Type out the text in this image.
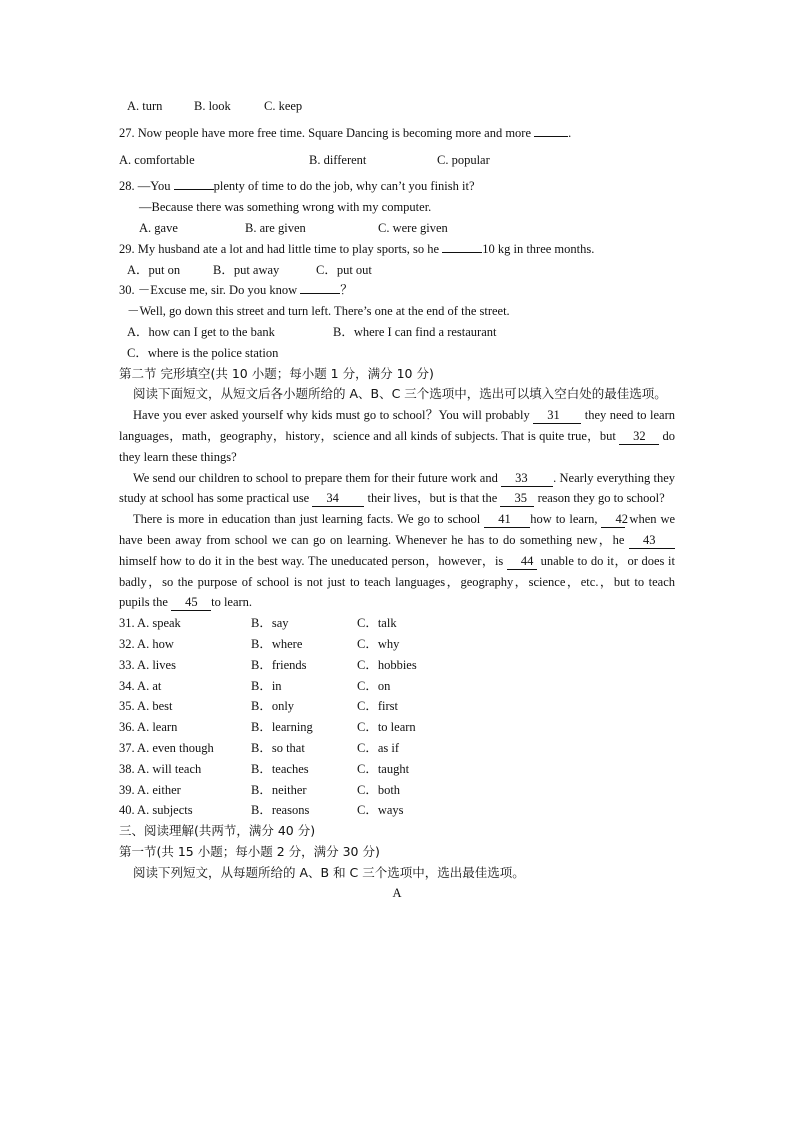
A. turn	B. look	C. keep
27. Now people have more free time. Square Dancing is becoming more and more	.
A. comfortable	B. different	C. popular
28. —You	plenty of time to do the job, why can’t you finish it?
—Because there was something wrong with my computer.
A. gave	B. are given	C. were given
29. My husband ate a lot and had little time to play sports, so he	10 kg in three months.
A．put on	B．put away	C．put out
30. －Excuse me, sir. Do you know	？
－Well, go down this street and turn left. There’s one at the end of the street.
A．how can I get to the bank	B．where I can find a restaurant
C．where is the police station
第二节 完形填空(共 10 小题；每小题 1 分，满分 10 分)
阅读下面短文，从短文后各小题所给的 A、B、C 三个选项中，选出可以填入空白处的最佳选项。
Have you ever asked yourself why kids must go to school？You will probably 31 they need to learn languages，math，geography，history，science and all kinds of subjects. That is quite true，but 32 do they learn these things?
We send our children to school to prepare them for their future work and 33 . Nearly everything they study at school has some practical use 34 their lives，but is that the 35 reason they go to school?
There is more in education than just learning facts. We go to school 41 how to learn, 42 when we have been away from school we can go on learning. Whenever he has to do something new，he 43himself how to do it in the best way. The uneducated person，however，is 44 unable to do it，or does it badly，so the purpose of school is not just to teach languages，geography，science，etc.，but to teach pupils the 45 to learn.
31. A. speak	B．say	C．talk
32. A. how	B．where	C．why
33. A. lives	B．friends	C．hobbies
34. A. at	B．in	C．on
35. A. best	B．only	C．first
36. A. learn	B．learning	C．to learn
37. A. even though	B．so that	C．as if
38. A. will teach	B．teaches	C．taught
39. A. either	B．neither	C．both
40. A. subjects	B．reasons	C．ways
三、阅读理解(共两节，满分 40 分)
第一节(共 15 小题；每小题 2 分，满分 30 分)
阅读下列短文，从每题所给的 A、B 和 C 三个选项中，选出最佳选项。
A
